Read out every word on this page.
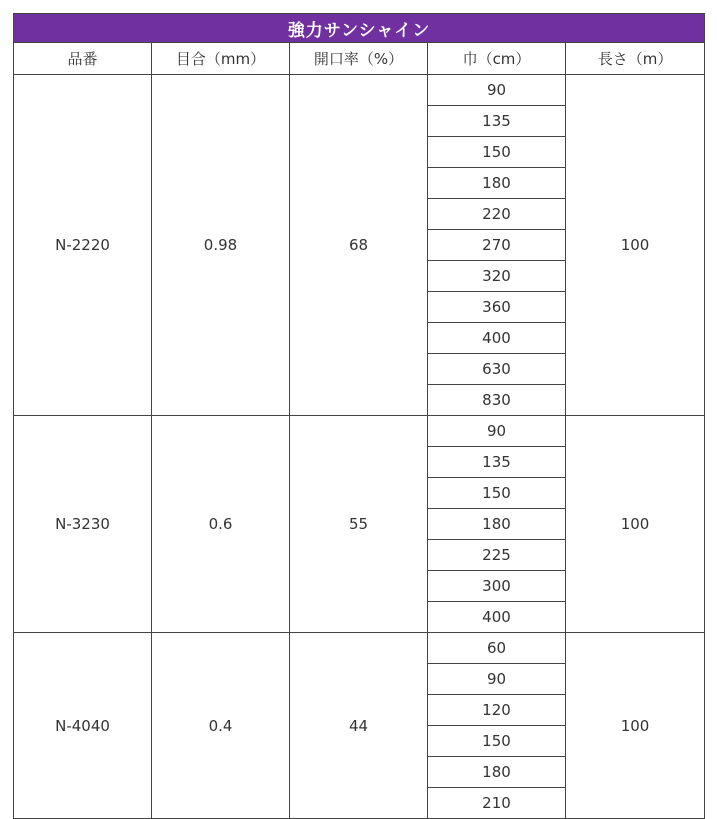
強力サンシャイン				
品番	目合（mm）	開口率（%）	巾（cm）	長さ（m）
N-2220	0.98	68	90	100
			135	
			150	
			180	
			220	
			270	
			320	
			360	
			400	
			630	
			830	
N-3230	0.6	55	90	100
			135	
			150	
			180	
			225	
			300	
			400	
N-4040	0.4	44	60	100
			90	
			120	
			150	
			180	
			210	
